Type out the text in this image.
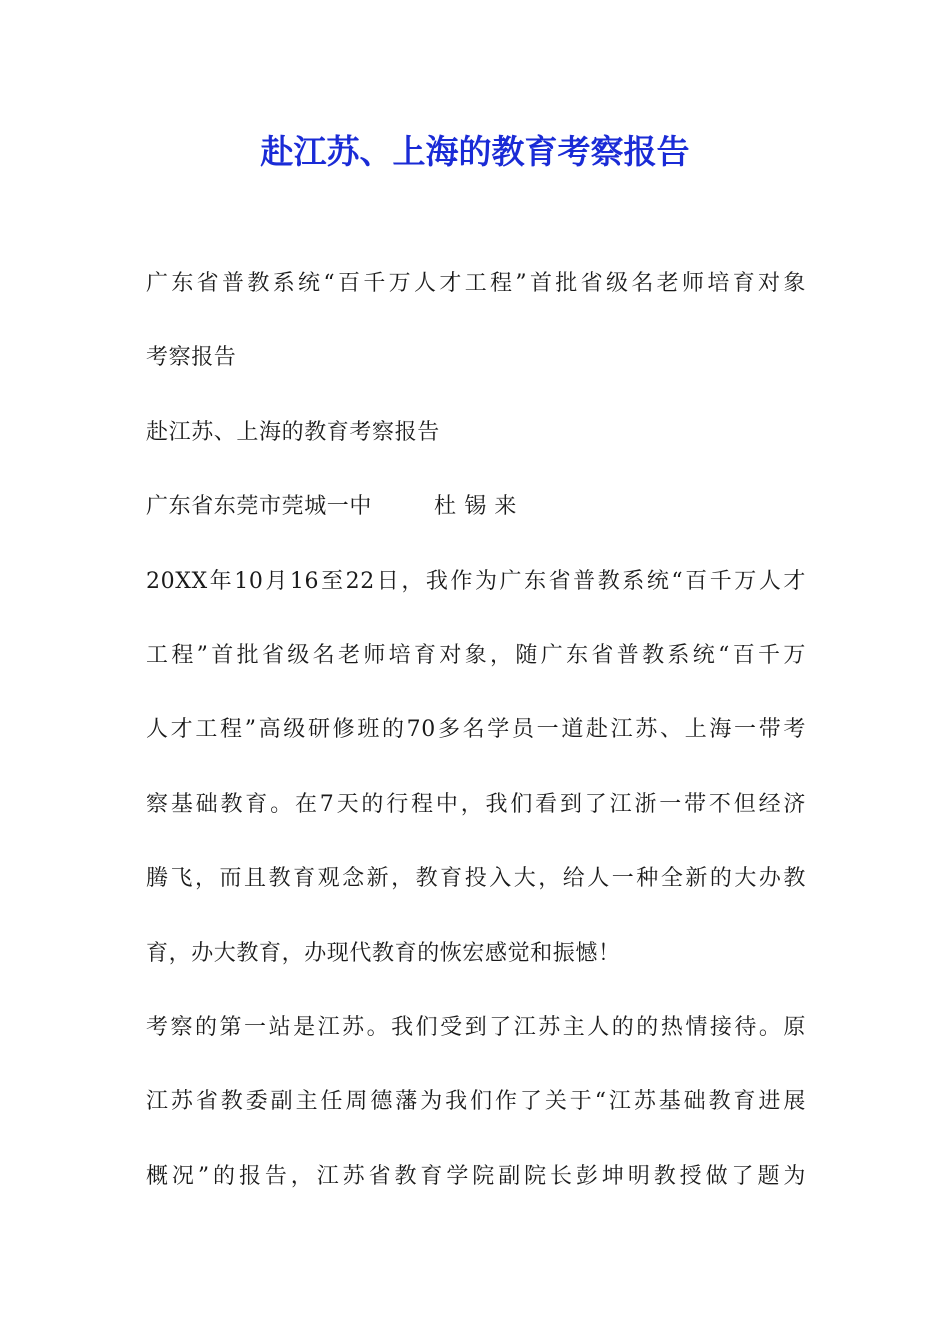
赴江苏、上海的教育考察报告
广东省普教系统“百千万人才工程”首批省级名老师培育对象
考察报告
赴江苏、上海的教育考察报告
广东省东莞市莞城一中	杜 锡 来
20XX年10月16至22日，我作为广东省普教系统“百千万人才
工程”首批省级名老师培育对象，随广东省普教系统“百千万
人才工程”高级研修班的70多名学员一道赴江苏、上海一带考
察基础教育。在7天的行程中，我们看到了江浙一带不但经济
腾飞，而且教育观念新，教育投入大，给人一种全新的大办教
育，办大教育，办现代教育的恢宏感觉和振憾！
考察的第一站是江苏。我们受到了江苏主人的的热情接待。原
江苏省教委副主任周德藩为我们作了关于“江苏基础教育进展
概况”的报告，江苏省教育学院副院长彭坤明教授做了题为
